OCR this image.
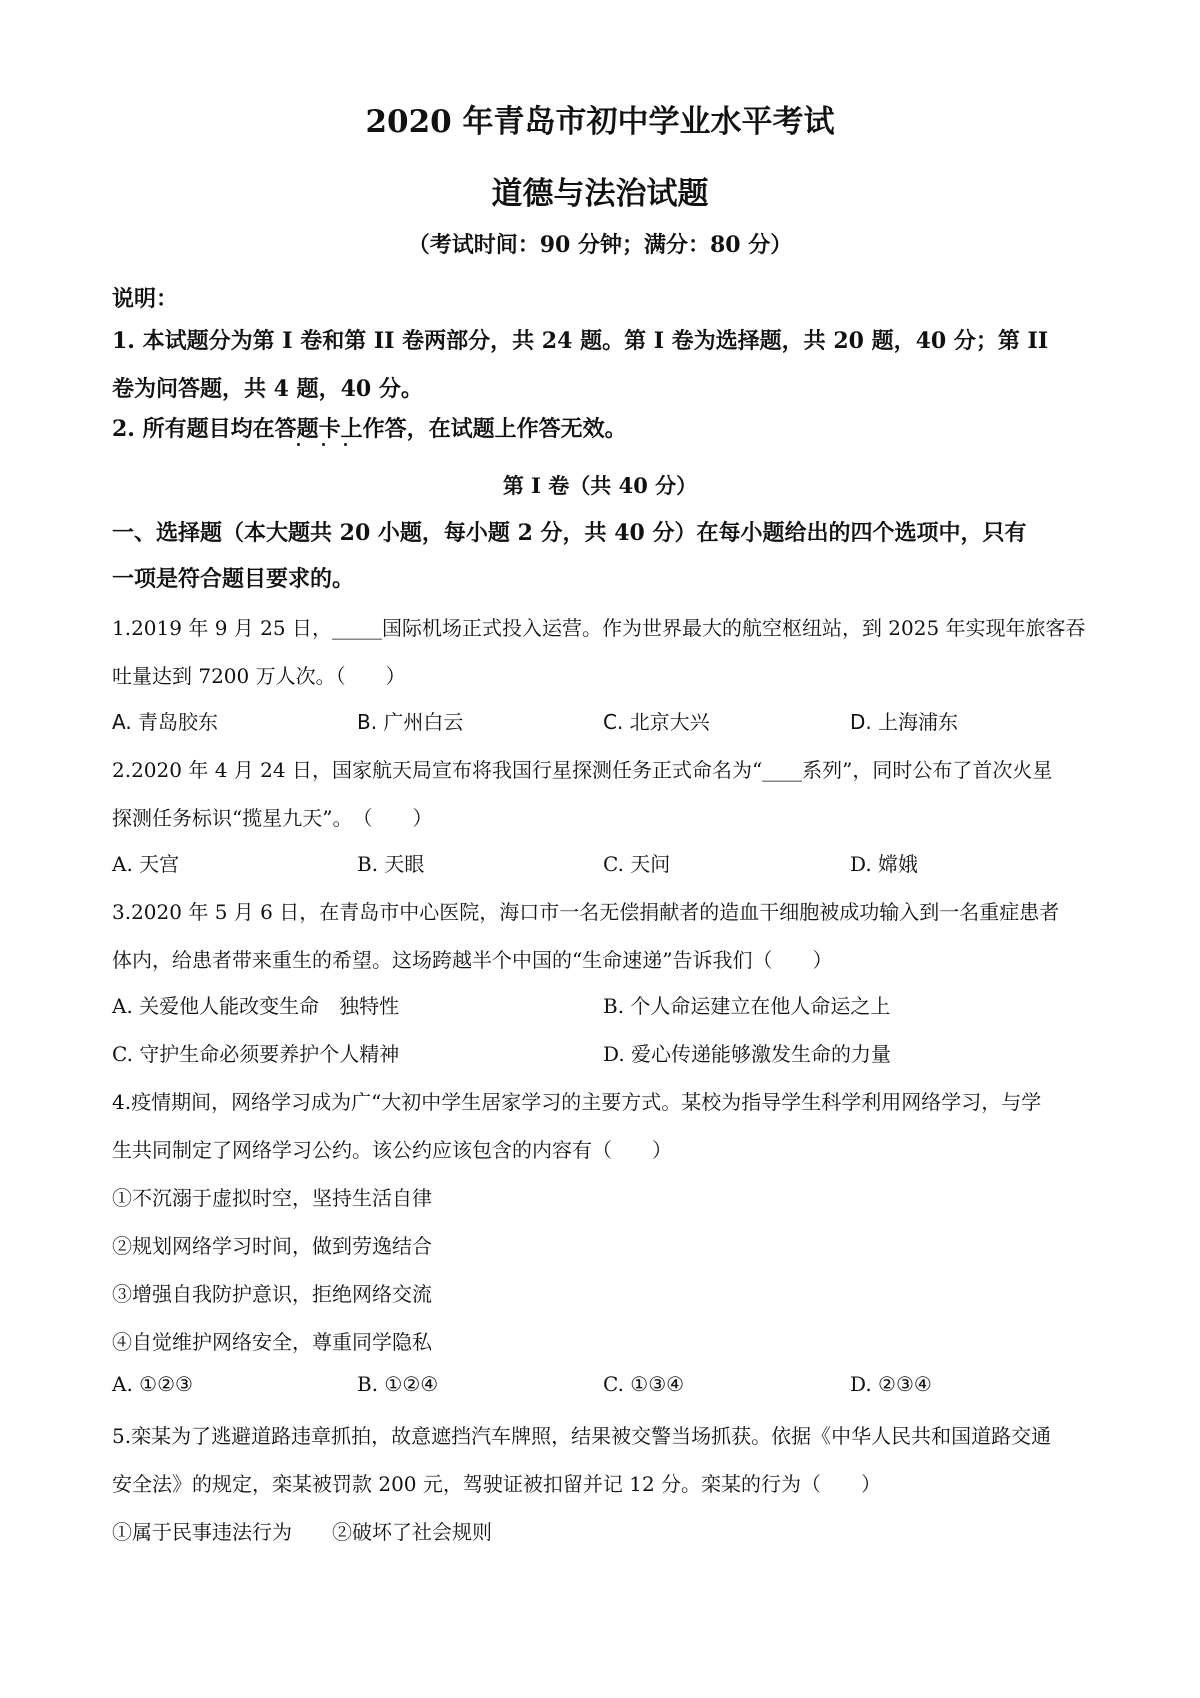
2020 年青岛市初中学业水平考试
道德与法治试题
（考试时间：90 分钟；满分：80 分）
说明：
1. 本试题分为第 I 卷和第 II 卷两部分，共 24 题。第 I 卷为选择题，共 20 题，40 分；第 II
卷为问答题，共 4 题，40 分。
2. 所有题目均在答题卡上作答，在试题上作答无效。
第 I 卷（共 40 分）
一、选择题（本大题共 20 小题，每小题 2 分，共 40 分）在每小题给出的四个选项中，只有
一项是符合题目要求的。
1.2019 年 9 月 25 日，_____国际机场正式投入运营。作为世界最大的航空枢纽站，到 2025 年实现年旅客吞
吐量达到 7200 万人次。（　　）
A. 青岛胶东	B. 广州白云	C. 北京大兴	D. 上海浦东
2.2020 年 4 月 24 日，国家航天局宣布将我国行星探测任务正式命名为“____系列”，同时公布了首次火星
探测任务标识“揽星九天”。　（　　）
A. 天宫	B. 天眼	C. 天问	D. 嫦娥
3.2020 年 5 月 6 日，在青岛市中心医院，海口市一名无偿捐献者的造血干细胞被成功输入到一名重症患者
体内，给患者带来重生的希望。这场跨越半个中国的“生命速递”告诉我们（　　）
A. 关爱他人能改变生命　独特性	B. 个人命运建立在他人命运之上
C. 守护生命必须要养护个人精神	D. 爱心传递能够激发生命的力量
4.疫情期间，网络学习成为广“大初中学生居家学习的主要方式。某校为指导学生科学利用网络学习，与学
生共同制定了网络学习公约。该公约应该包含的内容有（　　）
①不沉溺于虚拟时空，坚持生活自律
②规划网络学习时间，做到劳逸结合
③增强自我防护意识，拒绝网络交流
④自觉维护网络安全，尊重同学隐私
A. ①②③	B. ①②④	C. ①③④	D. ②③④
5.栾某为了逃避道路违章抓拍，故意遮挡汽车牌照，结果被交警当场抓获。依据《中华人民共和国道路交通
安全法》的规定，栾某被罚款 200 元，驾驶证被扣留并记 12 分。栾某的行为（　　）
①属于民事违法行为　　②破坏了社会规则
